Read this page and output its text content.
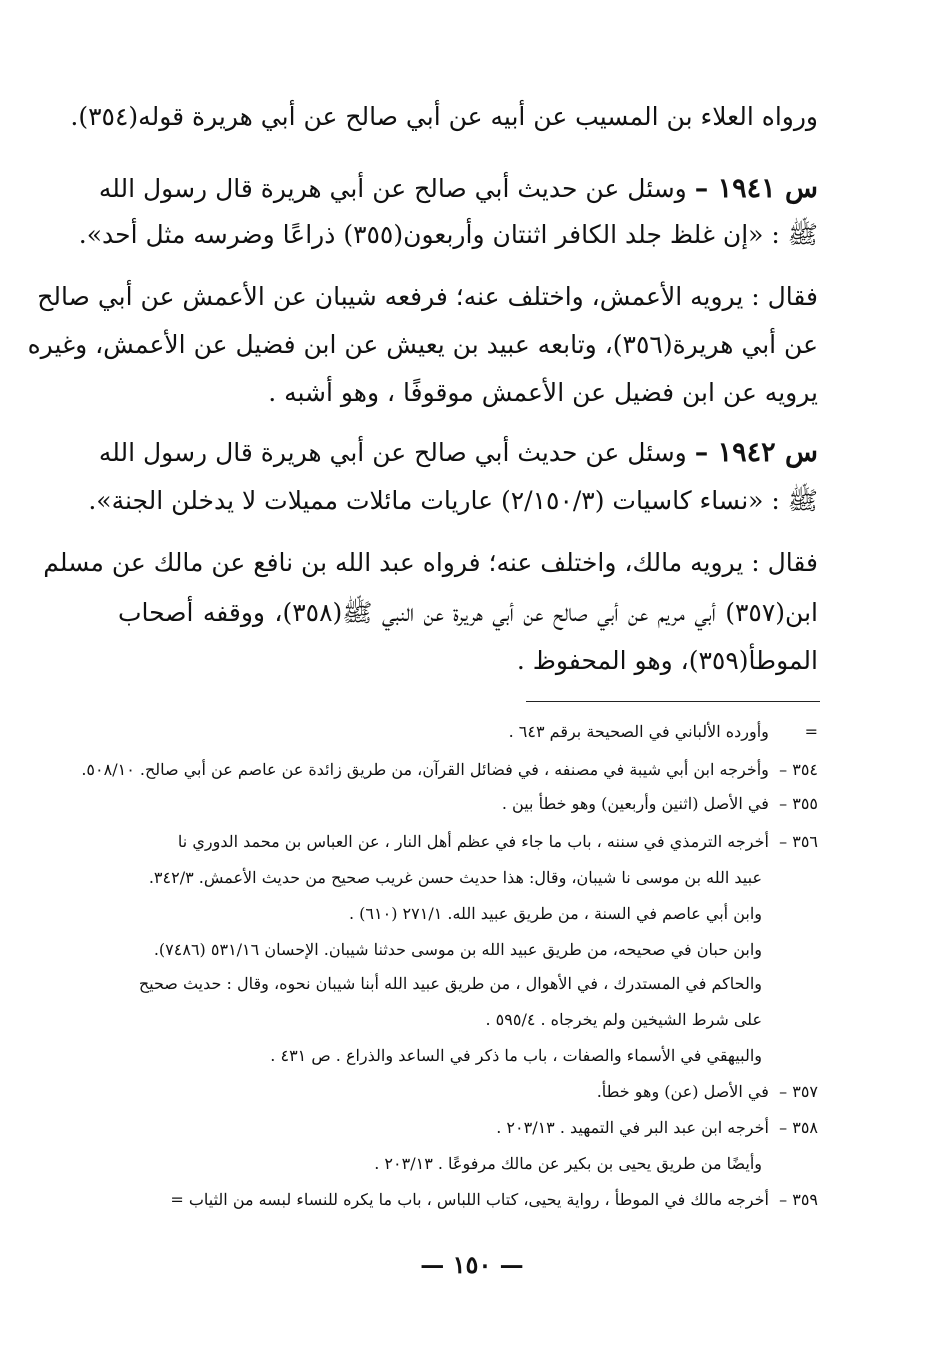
ورواه العلاء بن المسيب عن أبيه عن أبي صالح عن أبي هريرة قوله(٣٥٤).
س ١٩٤١ – وسئل عن حديث أبي صالح عن أبي هريرة قال رسول الله
ﷺ : «إن غلظ جلد الكافر اثنتان وأربعون(٣٥٥) ذراعًا وضرسه مثل أحد».
فقال : يرويه الأعمش، واختلف عنه؛ فرفعه شيبان عن الأعمش عن أبي صالح
عن أبي هريرة(٣٥٦)، وتابعه عبيد بن يعيش عن ابن فضيل عن الأعمش، وغيره
يرويه عن ابن فضيل عن الأعمش موقوفًا ، وهو أشبه .
س ١٩٤٢ – وسئل عن حديث أبي صالح عن أبي هريرة قال رسول الله
ﷺ : «نساء كاسيات (٢/١٥٠/٣) عاريات مائلات مميلات لا يدخلن الجنة».
فقال : يرويه مالك، واختلف عنه؛ فرواه عبد الله بن نافع عن مالك عن مسلم
ابن(٣٥٧) أبي مريم عن أبي صالح عن أبي هريرة عن النبي ﷺ(٣٥٨)، ووقفه أصحاب
الموطأ(٣٥٩)، وهو المحفوظ .
= وأورده الألباني في الصحيحة برقم ٦٤٣ .
٣٥٤ – وأخرجه ابن أبي شيبة في مصنفه ، في فضائل القرآن، من طريق زائدة عن عاصم عن أبي صالح. ٥٠٨/١٠.
٣٥٥ – في الأصل (اثنين وأربعين) وهو خطأ بين .
٣٥٦ – أخرجه الترمذي في سننه ، باب ما جاء في عظم أهل النار ، عن العباس بن محمد الدوري نا
عبيد الله بن موسى نا شيبان، وقال: هذا حديث حسن غريب صحيح من حديث الأعمش. ٣٤٢/٣.
وابن أبي عاصم في السنة ، من طريق عبيد الله. ٢٧١/١ (٦١٠) .
وابن حبان في صحيحه، من طريق عبيد الله بن موسى حدثنا شيبان. الإحسان ٥٣١/١٦ (٧٤٨٦).
والحاكم في المستدرك ، في الأهوال ، من طريق عبيد الله أبنا شيبان نحوه، وقال : حديث صحيح
على شرط الشيخين ولم يخرجاه . ٥٩٥/٤ .
والبيهقي في الأسماء والصفات ، باب ما ذكر في الساعد والذراع . ص ٤٣١ .
٣٥٧ – في الأصل (عن) وهو خطأ.
٣٥٨ – أخرجه ابن عبد البر في التمهيد . ٢٠٣/١٣ .
وأيضًا من طريق يحيى بن بكير عن مالك مرفوعًا . ٢٠٣/١٣ .
٣٥٩ – أخرجه مالك في الموطأ ، رواية يحيى، كتاب اللباس ، باب ما يكره للنساء لبسه من الثياب =
— ١٥٠ —
